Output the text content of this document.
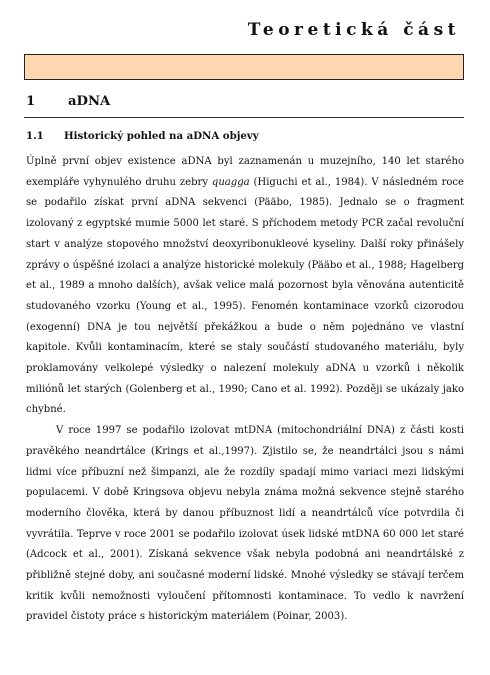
Teoretická část
1 aDNA
1.1 Historický pohled na aDNA objevy

Úplně první objev existence aDNA byl zaznamenán u muzejního, 140 let starého exempláře vyhynulého druhu zebry quagga (Higuchi et al., 1984). V následném roce se podařilo získat první aDNA sekvenci (Pääbo, 1985). Jednalo se o fragment izolovaný z egyptské mumie 5000 let staré. S příchodem metody PCR začal revoluční start v analýze stopového množství deoxyribonukleové kyseliny. Další roky přinášely zprávy o úspěšné izolaci a analýze historické molekuly (Pääbo et al., 1988; Hagelberg et al., 1989 a mnoho dalších), avšak velice malá pozornost byla věnována autenticitě studovaného vzorku (Young et al., 1995). Fenomén kontaminace vzorků cizorodou (exogenní) DNA je tou největší překážkou a bude o něm pojednáno ve vlastní kapitole. Kvůli kontaminacím, které se staly součástí studovaného materiálu, byly proklamovány velkolepé výsledky o nalezení molekuly aDNA u vzorků i několik miliónů let starých (Golenberg et al., 1990; Cano et al. 1992). Později se ukázaly jako chybné.

V roce 1997 se podařilo izolovat mtDNA (mitochondriální DNA) z části kosti pravěkého neandrtálce (Krings et al.,1997). Zjistilo se, že neandrtálci jsou s námi lidmi více příbuzní než šimpanzi, ale že rozdíly spadají mimo variaci mezi lidskými populacemi. V době Kringsova objevu nebyla známa možná sekvence stejně starého moderního člověka, která by danou příbuznost lidí a neandrtálců více potvrdila či vyvrátila. Teprve v roce 2001 se podařilo izolovat úsek lidské mtDNA 60 000 let staré (Adcock et al., 2001). Získaná sekvence však nebyla podobná ani neandrtálské z přibližně stejné doby, ani současné moderní lidské. Mnohé výsledky se stávají terčem kritik kvůli nemožnosti vyloučení přítomnosti kontaminace. To vedlo k navržení pravidel čistoty práce s historickým materiálem (Poinar, 2003).
